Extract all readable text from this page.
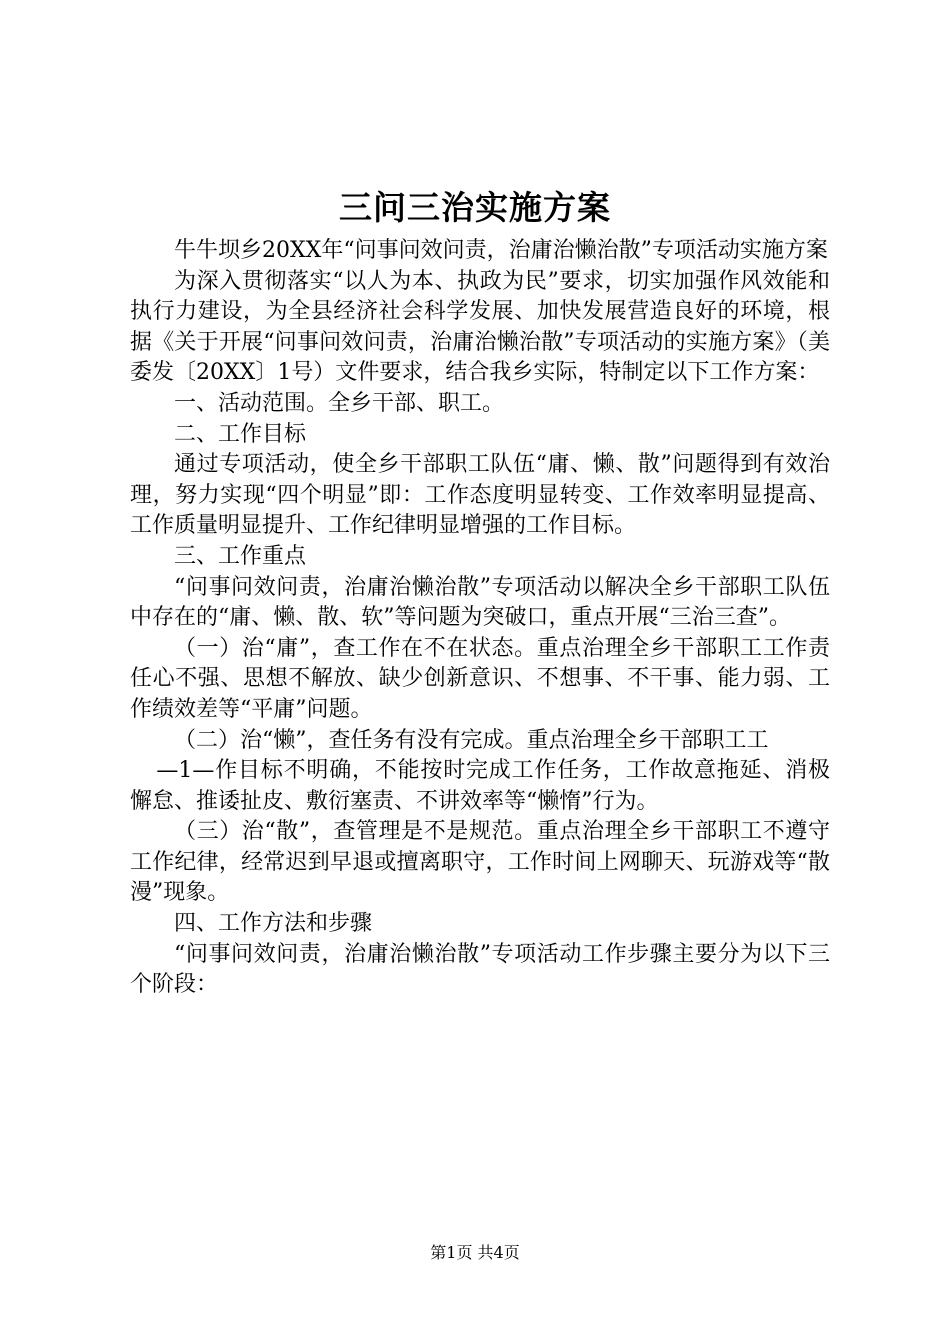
三问三治实施方案

牛牛坝乡20XX年“问事问效问责，治庸治懒治散”专项活动实施方案

为深入贯彻落实“以人为本、执政为民”要求，切实加强作风效能和执行力建设，为全县经济社会科学发展、加快发展营造良好的环境，根据《关于开展“问事问效问责，治庸治懒治散”专项活动的实施方案》（美委发〔20XX〕1号）文件要求，结合我乡实际，特制定以下工作方案：

一、活动范围。全乡干部、职工。

二、工作目标

通过专项活动，使全乡干部职工队伍“庸、懒、散”问题得到有效治理，努力实现“四个明显”即：工作态度明显转变、工作效率明显提高、工作质量明显提升、工作纪律明显增强的工作目标。

三、工作重点

“问事问效问责，治庸治懒治散”专项活动以解决全乡干部职工队伍中存在的“庸、懒、散、软”等问题为突破口，重点开展“三治三查”。

（一）治“庸”，查工作在不在状态。重点治理全乡干部职工工作责任心不强、思想不解放、缺少创新意识、不想事、不干事、能力弱、工作绩效差等“平庸”问题。

（二）治“懒”，查任务有没有完成。重点治理全乡干部职工工

—1—作目标不明确，不能按时完成工作任务，工作故意拖延、消极懈怠、推诿扯皮、敷衍塞责、不讲效率等“懒惰”行为。

（三）治“散”，查管理是不是规范。重点治理全乡干部职工不遵守工作纪律，经常迟到早退或擅离职守，工作时间上网聊天、玩游戏等“散漫”现象。

四、工作方法和步骤

“问事问效问责，治庸治懒治散”专项活动工作步骤主要分为以下三个阶段：

第1页 共4页
